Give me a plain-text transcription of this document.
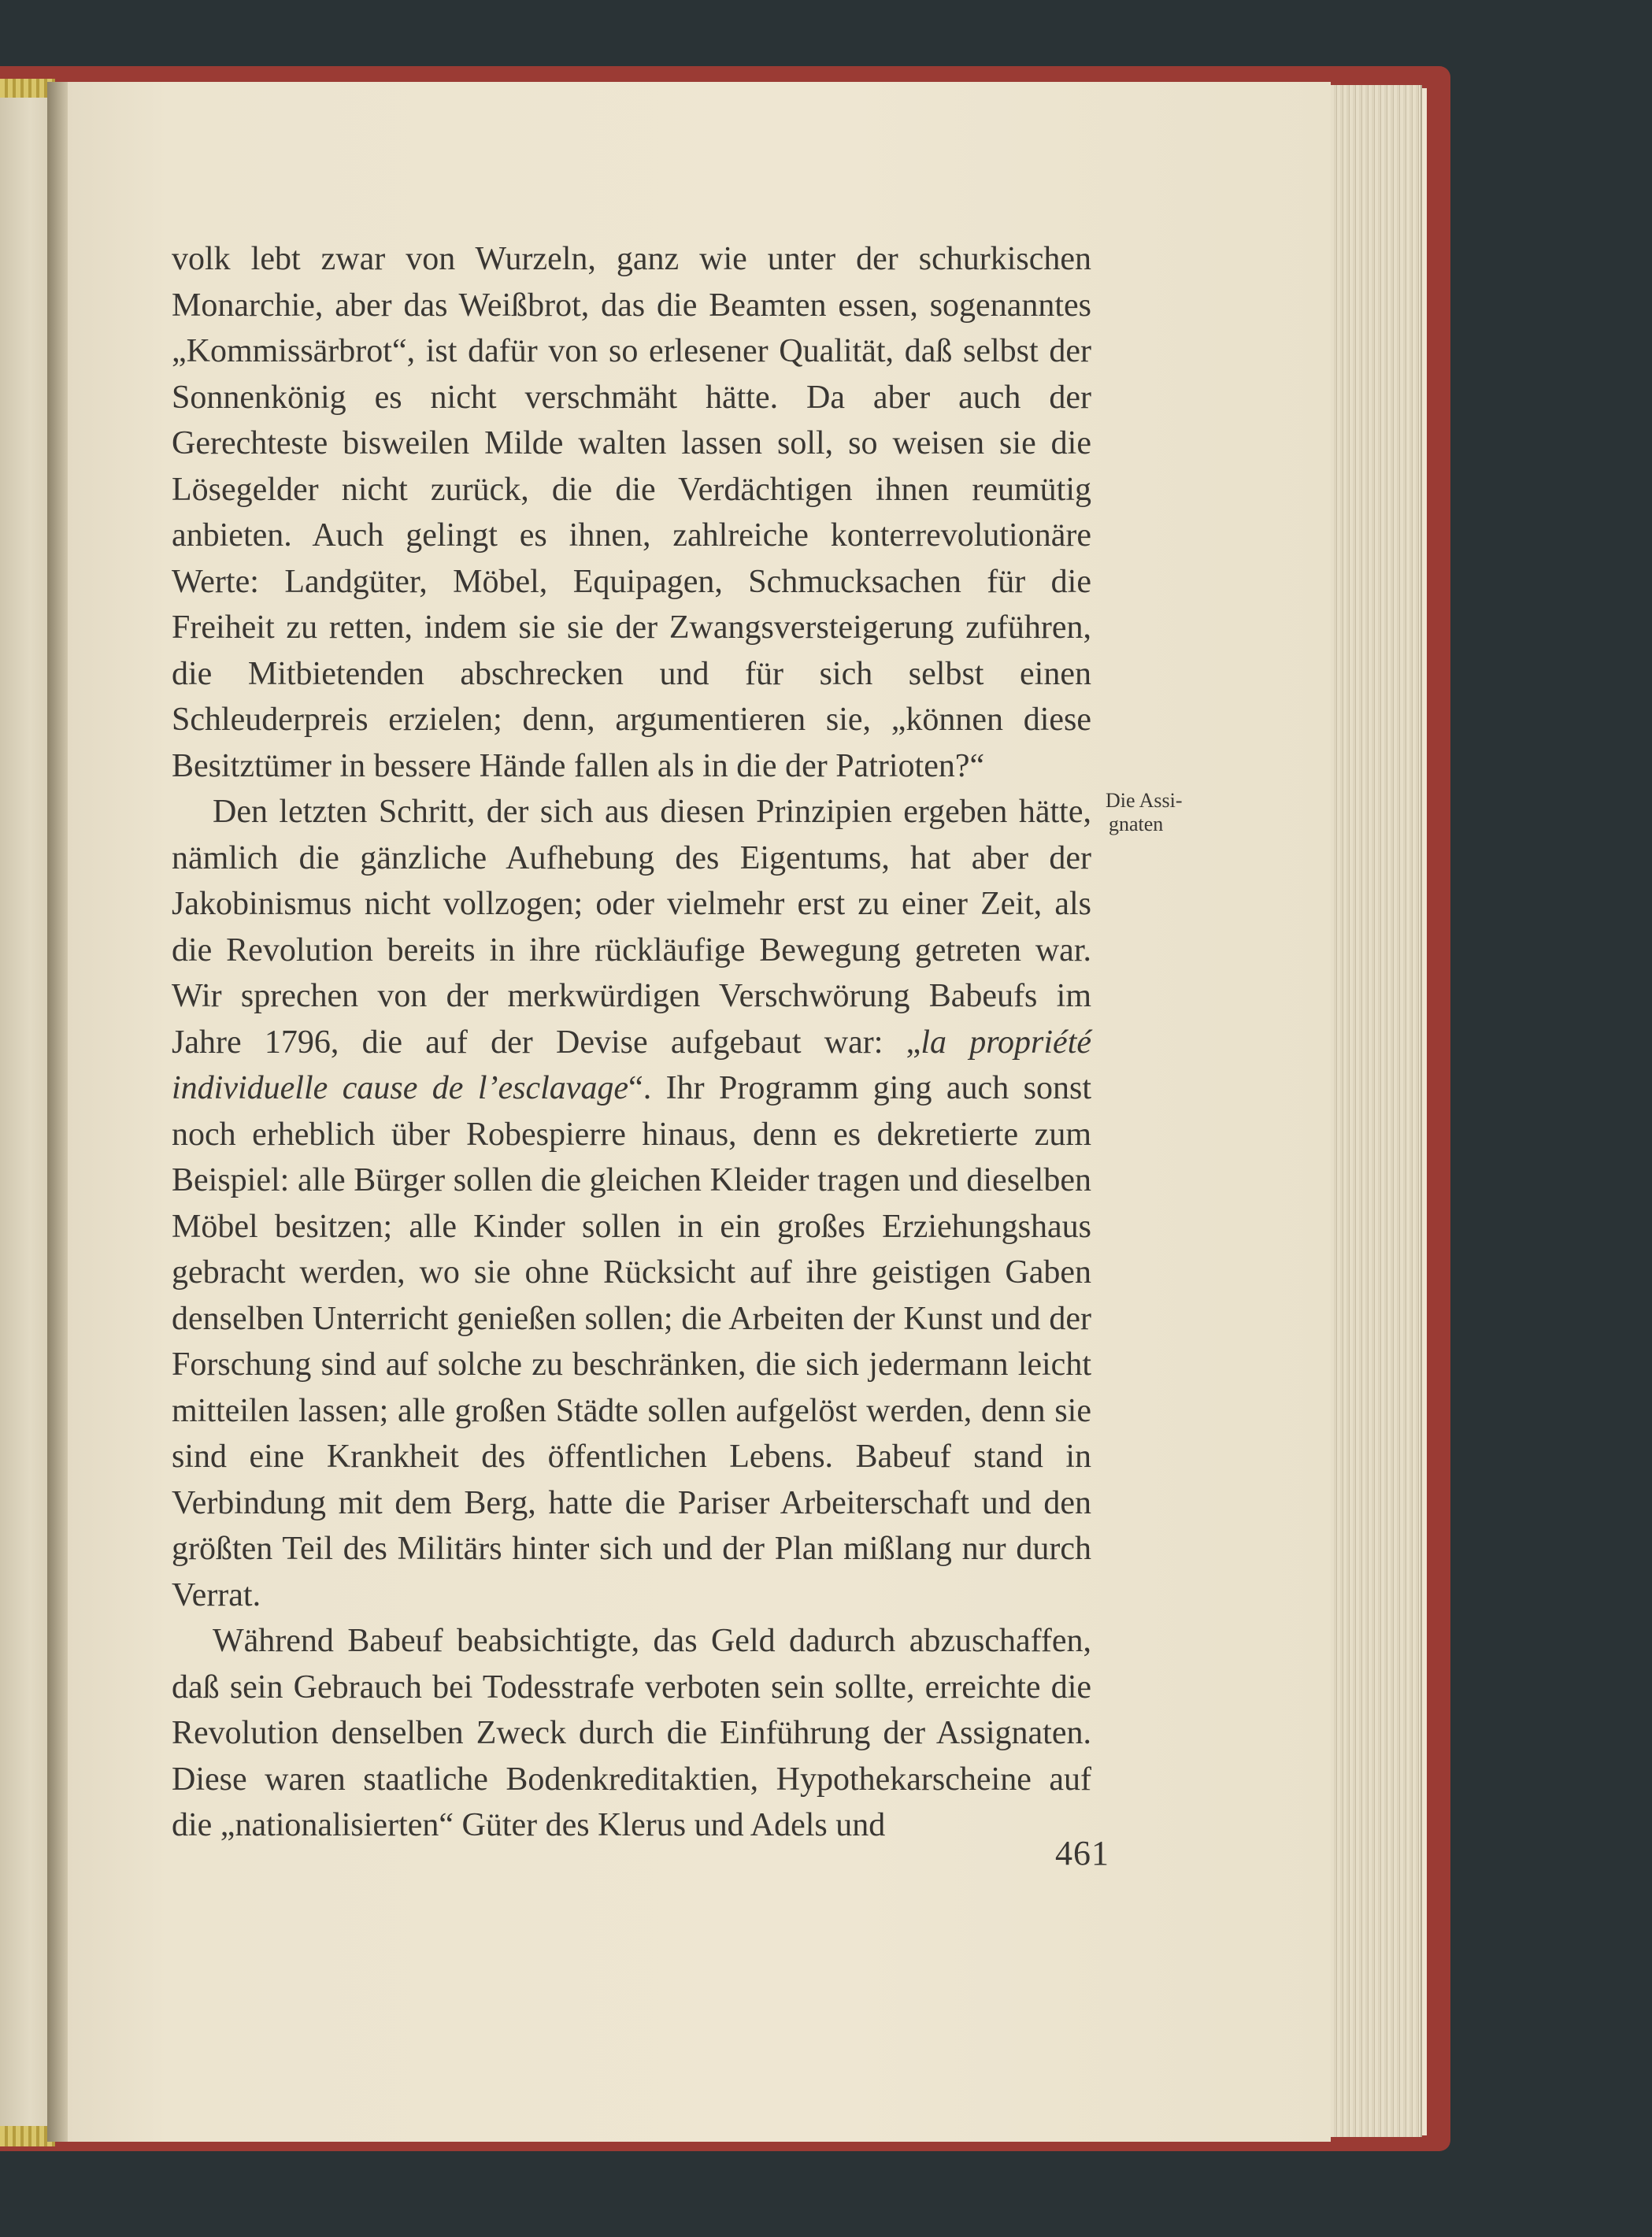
volk lebt zwar von Wurzeln, ganz wie unter der schurkischen Monarchie, aber das Weißbrot, das die Beamten essen, sogenanntes „Kommissärbrot“, ist dafür von so erlesener Qualität, daß selbst der Sonnenkönig es nicht verschmäht hätte. Da aber auch der Gerechteste bisweilen Milde walten lassen soll, so weisen sie die Lösegelder nicht zurück, die die Verdächtigen ihnen reumütig anbieten. Auch gelingt es ihnen, zahlreiche konterrevolutionäre Werte: Landgüter, Möbel, Equipagen, Schmucksachen für die Freiheit zu retten, indem sie sie der Zwangsversteigerung zuführen, die Mitbietenden abschrecken und für sich selbst einen Schleuderpreis erzielen; denn, argumentieren sie, „können diese Besitztümer in bessere Hände fallen als in die der Patrioten?“

Den letzten Schritt, der sich aus diesen Prinzipien ergeben hätte, nämlich die gänzliche Aufhebung des Eigentums, hat aber der Jakobinismus nicht vollzogen; oder vielmehr erst zu einer Zeit, als die Revolution bereits in ihre rückläufige Bewegung getreten war. Wir sprechen von der merkwürdigen Verschwörung Babeufs im Jahre 1796, die auf der Devise aufgebaut war: „la propriété individuelle cause de l’esclavage“. Ihr Programm ging auch sonst noch erheblich über Robespierre hinaus, denn es dekretierte zum Beispiel: alle Bürger sollen die gleichen Kleider tragen und dieselben Möbel besitzen; alle Kinder sollen in ein großes Erziehungshaus gebracht werden, wo sie ohne Rücksicht auf ihre geistigen Gaben denselben Unterricht genießen sollen; die Arbeiten der Kunst und der Forschung sind auf solche zu beschränken, die sich jedermann leicht mitteilen lassen; alle großen Städte sollen aufgelöst werden, denn sie sind eine Krankheit des öffentlichen Lebens. Babeuf stand in Verbindung mit dem Berg, hatte die Pariser Arbeiterschaft und den größten Teil des Militärs hinter sich und der Plan mißlang nur durch Verrat.

Während Babeuf beabsichtigte, das Geld dadurch abzuschaffen, daß sein Gebrauch bei Todesstrafe verboten sein sollte, erreichte die Revolution denselben Zweck durch die Einführung der Assignaten. Diese waren staatliche Bodenkreditaktien, Hypothekarscheine auf die „nationalisierten“ Güter des Klerus und Adels und

Die Assi-
gnaten
461
